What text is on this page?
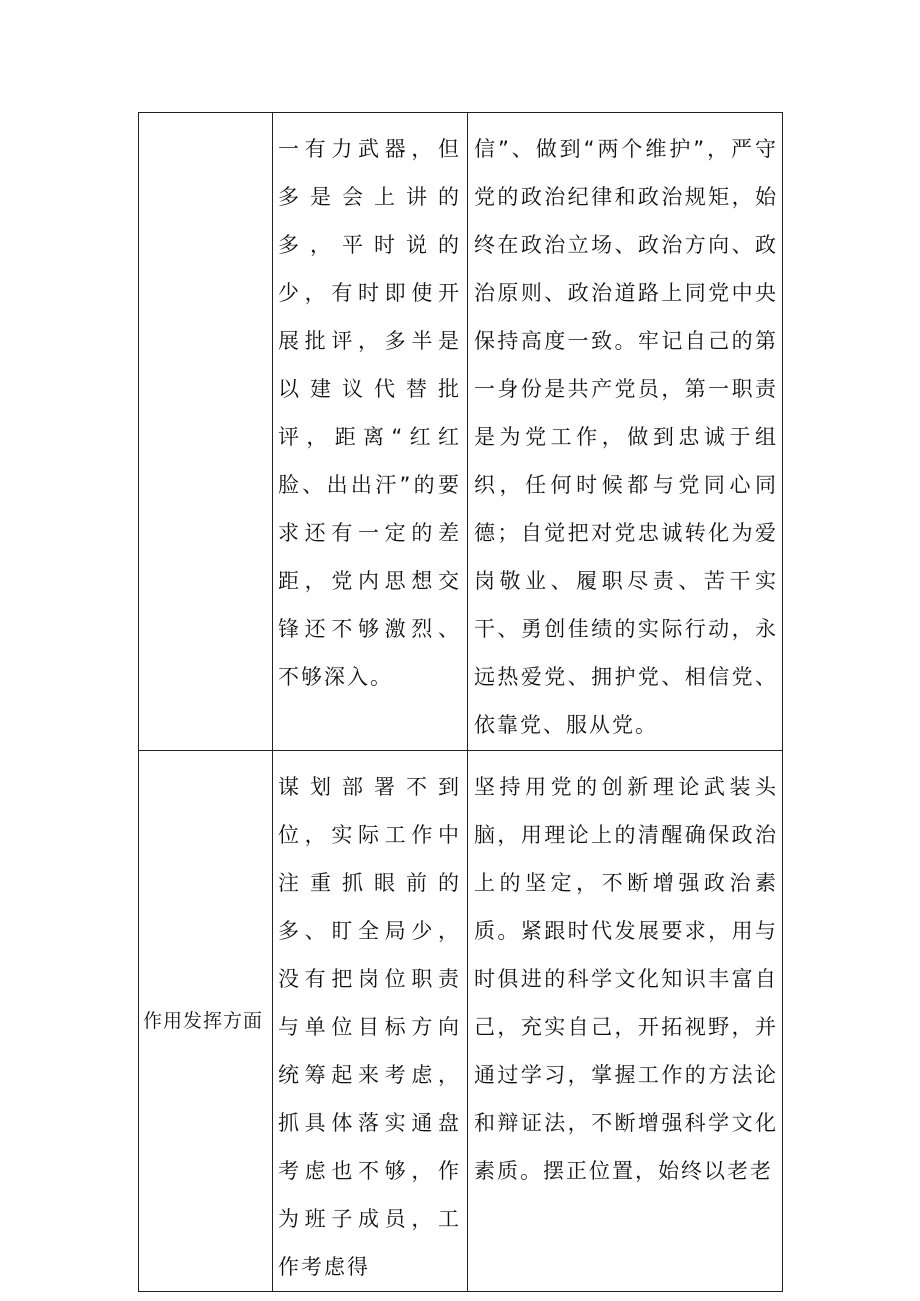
	一有力武器，但多是会上讲的多，平时说的少，有时即使开展批评，多半是以建议代替批评，距离“红红脸、出出汗”的要求还有一定的差距，党内思想交锋还不够激烈、不够深入。	信”、做到“两个维护”，严守党的政治纪律和政治规矩，始终在政治立场、政治方向、政治原则、政治道路上同党中央保持高度一致。牢记自己的第一身份是共产党员，第一职责是为党工作，做到忠诚于组织，任何时候都与党同心同德；自觉把对党忠诚转化为爱岗敬业、履职尽责、苦干实干、勇创佳绩的实际行动，永远热爱党、拥护党、相信党、依靠党、服从党。

作用发挥方面	谋划部署不到位，实际工作中注重抓眼前的多、盯全局少，没有把岗位职责与单位目标方向统筹起来考虑，抓具体落实通盘考虑也不够，作为班子成员，工作考虑得	坚持用党的创新理论武装头脑，用理论上的清醒确保政治上的坚定，不断增强政治素质。紧跟时代发展要求，用与时俱进的科学文化知识丰富自己，充实自己，开拓视野，并通过学习，掌握工作的方法论和辩证法，不断增强科学文化素质。摆正位置，始终以老老
